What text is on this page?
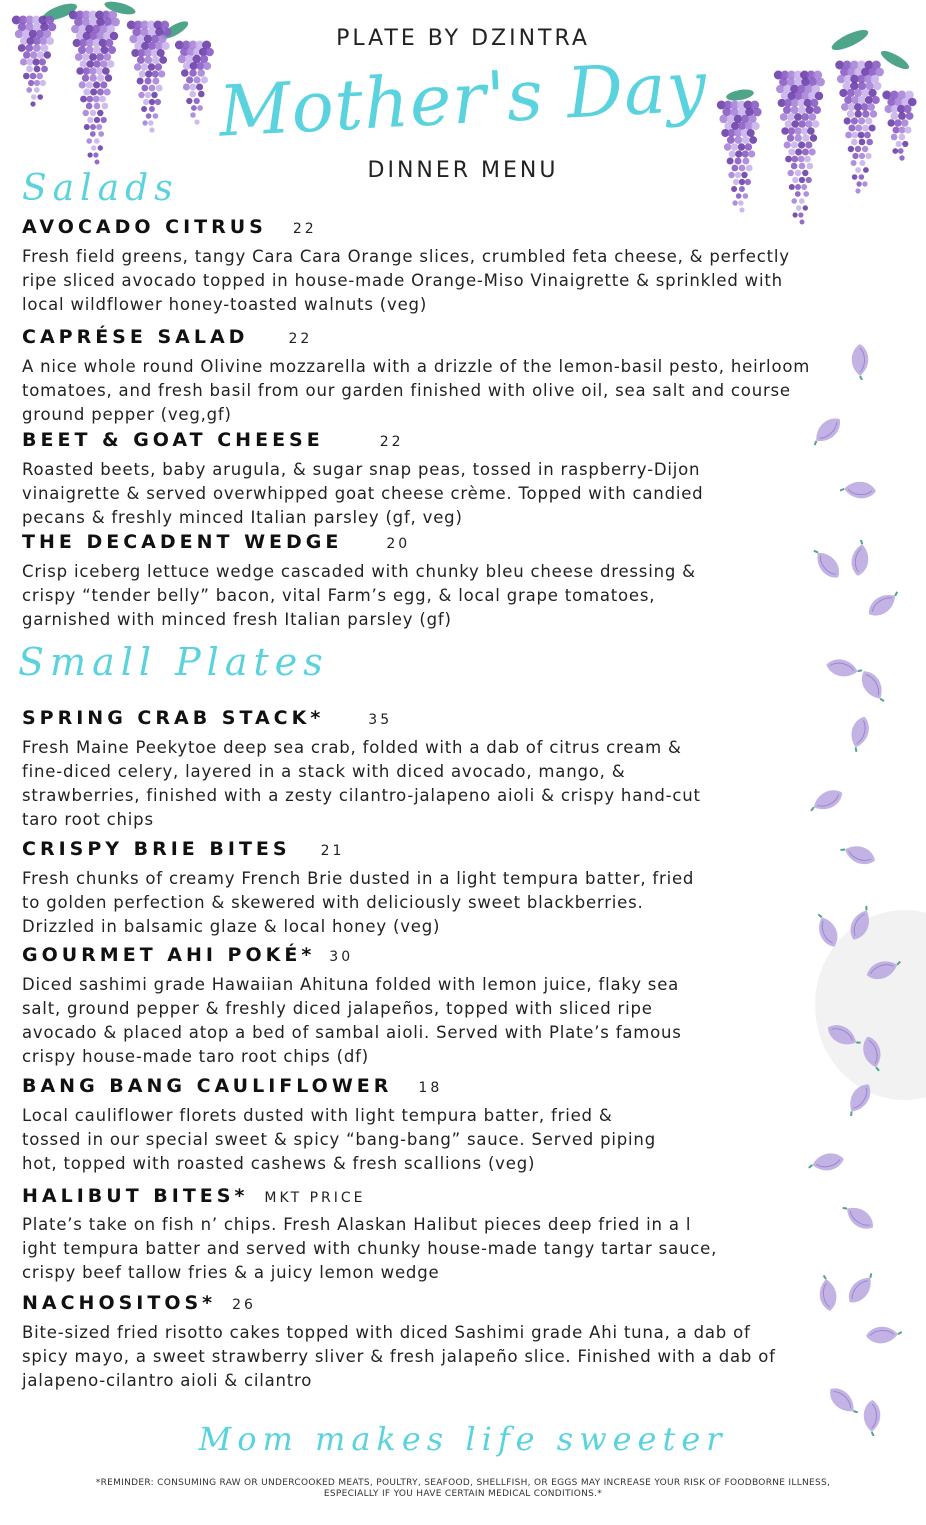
PLATE BY DZINTRA
Mother's Day
DINNER MENU
Salads
AVOCADO CITRUS 22
Fresh field greens, tangy Cara Cara Orange slices, crumbled feta cheese, & perfectly
ripe sliced avocado topped in house-made Orange-Miso Vinaigrette & sprinkled with
local wildflower honey-toasted walnuts (veg)
CAPRÉSE SALAD	22
A nice whole round Olivine mozzarella with a drizzle of the lemon-basil pesto, heirloom
tomatoes, and fresh basil from our garden finished with olive oil, sea salt and course
ground pepper (veg,gf)
BEET & GOAT CHEESE	22
Roasted beets, baby arugula, & sugar snap peas, tossed in raspberry-Dijon
vinaigrette & served overwhipped goat cheese crème. Topped with candied
pecans & freshly minced Italian parsley (gf, veg)
THE DECADENT WEDGE	20
Crisp iceberg lettuce wedge cascaded with chunky bleu cheese dressing &
crispy “tender belly” bacon, vital Farm’s egg, & local grape tomatoes,
garnished with minced fresh Italian parsley (gf)
Small Plates
SPRING CRAB STACK*	35
Fresh Maine Peekytoe deep sea crab, folded with a dab of citrus cream &
fine-diced celery, layered in a stack with diced avocado, mango, &
strawberries, finished with a zesty cilantro-jalapeno aioli & crispy hand-cut
taro root chips
CRISPY BRIE BITES 21
Fresh chunks of creamy French Brie dusted in a light tempura batter, fried
to golden perfection & skewered with deliciously sweet blackberries.
Drizzled in balsamic glaze & local honey (veg)
GOURMET AHI POKÉ* 30
Diced sashimi grade Hawaiian Ahituna folded with lemon juice, flaky sea
salt, ground pepper & freshly diced jalapeños, topped with sliced ripe
avocado & placed atop a bed of sambal aioli. Served with Plate’s famous
crispy house-made taro root chips (df)
BANG BANG CAULIFLOWER 18
Local cauliflower florets dusted with light tempura batter, fried &
tossed in our special sweet & spicy “bang-bang” sauce. Served piping
hot, topped with roasted cashews & fresh scallions (veg)
HALIBUT BITES* MKT PRICE
Plate’s take on fish n’ chips. Fresh Alaskan Halibut pieces deep fried in a l
ight tempura batter and served with chunky house-made tangy tartar sauce,
crispy beef tallow fries & a juicy lemon wedge
NACHOSITOS* 26
Bite-sized fried risotto cakes topped with diced Sashimi grade Ahi tuna, a dab of
spicy mayo, a sweet strawberry sliver & fresh jalapeño slice. Finished with a dab of
jalapeno-cilantro aioli & cilantro
Mom makes life sweeter
*REMINDER: CONSUMING RAW OR UNDERCOOKED MEATS, POULTRY, SEAFOOD, SHELLFISH, OR EGGS MAY INCREASE YOUR RISK OF FOODBORNE ILLNESS,
ESPECIALLY IF YOU HAVE CERTAIN MEDICAL CONDITIONS.*
